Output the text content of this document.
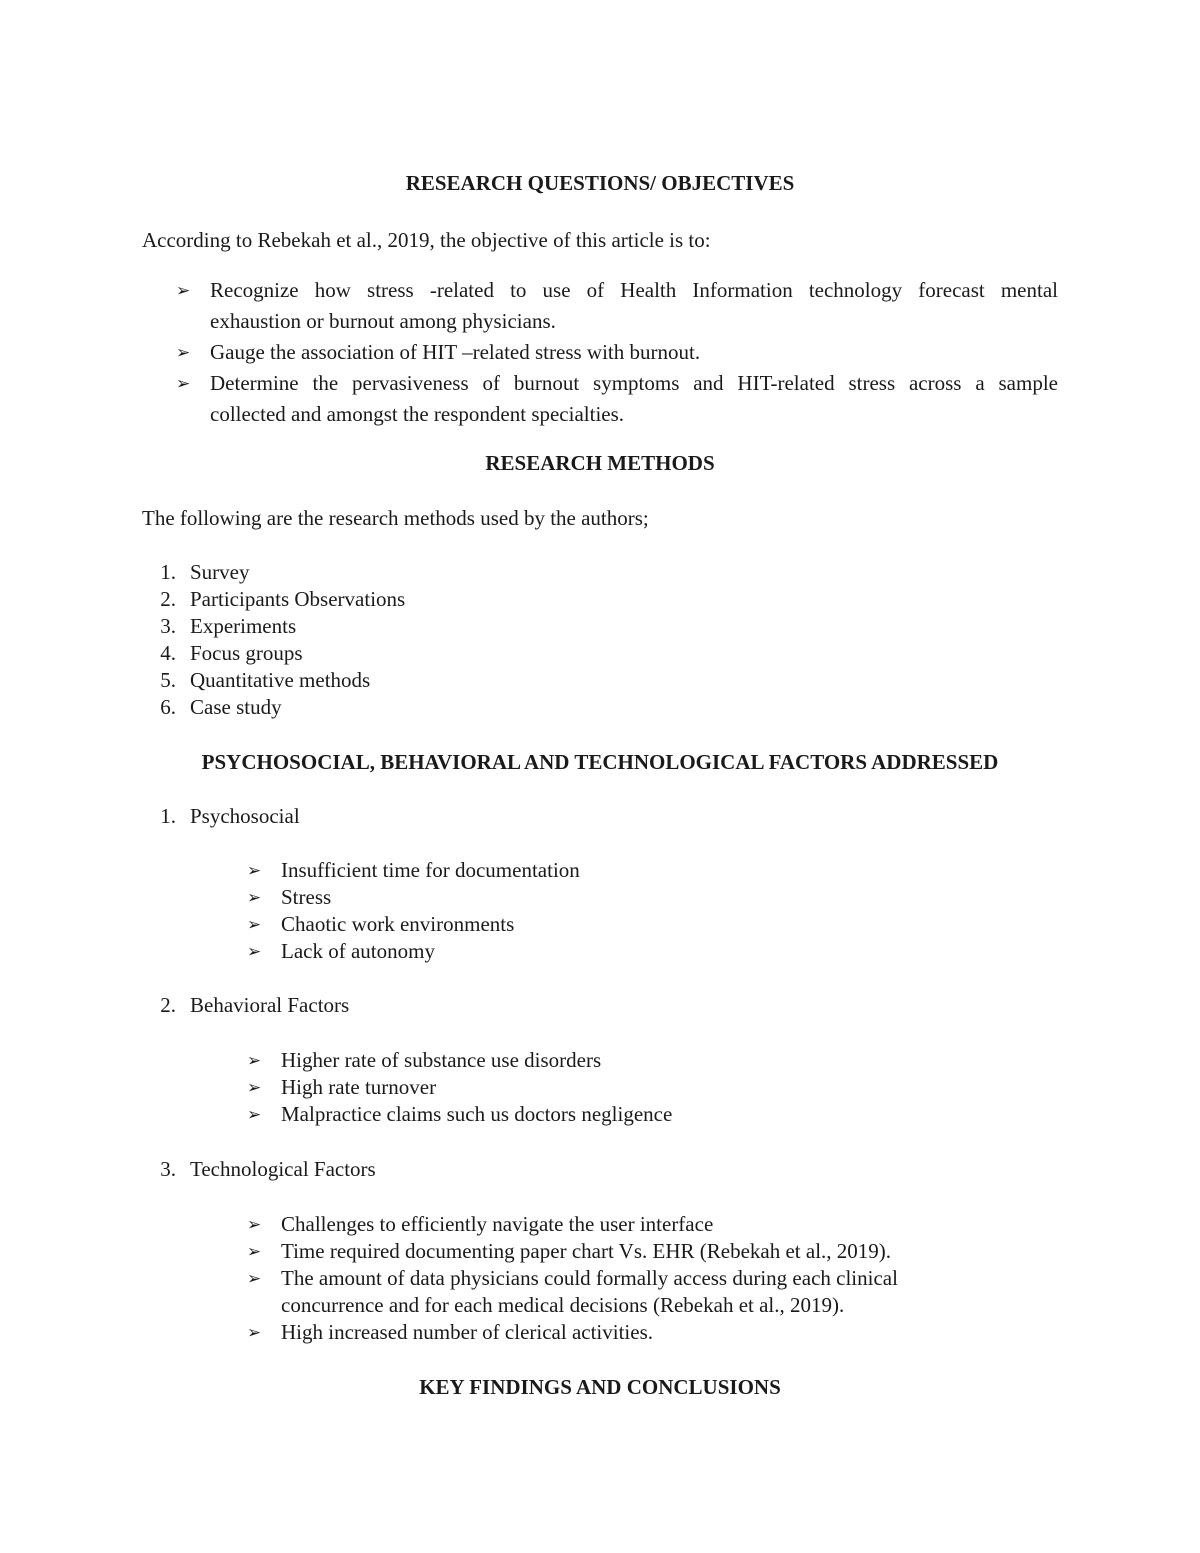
RESEARCH QUESTIONS/ OBJECTIVES
According to Rebekah et al., 2019, the objective of this article is to:
➢ Recognize how stress -related to use of Health Information technology forecast mental
exhaustion or burnout among physicians.
➢ Gauge the association of HIT –related stress with burnout.
➢ Determine the pervasiveness of burnout symptoms and HIT-related stress across a sample
collected and amongst the respondent specialties.
RESEARCH METHODS
The following are the research methods used by the authors;
1. Survey
2. Participants Observations
3. Experiments
4. Focus groups
5. Quantitative methods
6. Case study
PSYCHOSOCIAL, BEHAVIORAL AND TECHNOLOGICAL FACTORS ADDRESSED
1. Psychosocial
➢ Insufficient time for documentation
➢ Stress
➢ Chaotic work environments
➢ Lack of autonomy
2. Behavioral Factors
➢ Higher rate of substance use disorders
➢ High rate turnover
➢ Malpractice claims such us doctors negligence
3. Technological Factors
➢ Challenges to efficiently navigate the user interface
➢ Time required documenting paper chart Vs. EHR (Rebekah et al., 2019).
➢ The amount of data physicians could formally access during each clinical
concurrence and for each medical decisions (Rebekah et al., 2019).
➢ High increased number of clerical activities.
KEY FINDINGS AND CONCLUSIONS
